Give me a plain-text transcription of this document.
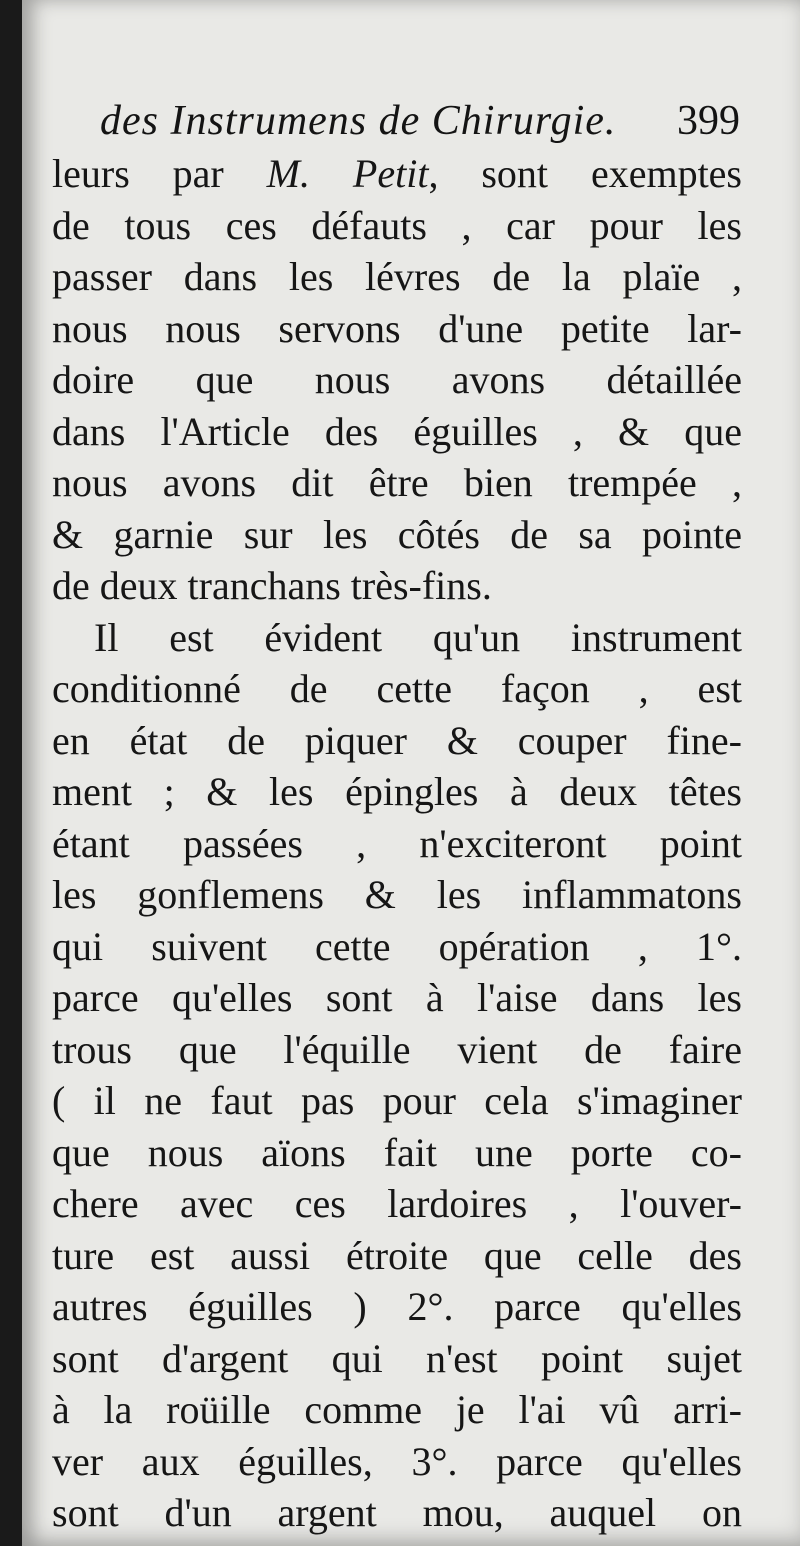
des Instrumens de Chirurgie. 399
leurs par M. Petit, sont exemptes
de tous ces défauts , car pour les
passer dans les lévres de la plaïe ,
nous nous servons d'une petite lar-
doire que nous avons détaillée
dans l'Article des éguilles , & que
nous avons dit être bien trempée ,
& garnie sur les côtés de sa pointe
de deux tranchans très-fins.
Il est évident qu'un instrument
conditionné de cette façon , est
en état de piquer & couper fine-
ment ; & les épingles à deux têtes
étant passées , n'exciteront point
les gonflemens & les inflammatons
qui suivent cette opération , 1°.
parce qu'elles sont à l'aise dans les
trous que l'équille vient de faire
( il ne faut pas pour cela s'imaginer
que nous aïons fait une porte co-
chere avec ces lardoires , l'ouver-
ture est aussi étroite que celle des
autres éguilles ) 2°. parce qu'elles
sont d'argent qui n'est point sujet
à la roüille comme je l'ai vû arri-
ver aux éguilles, 3°. parce qu'elles
sont d'un argent mou, auquel on
